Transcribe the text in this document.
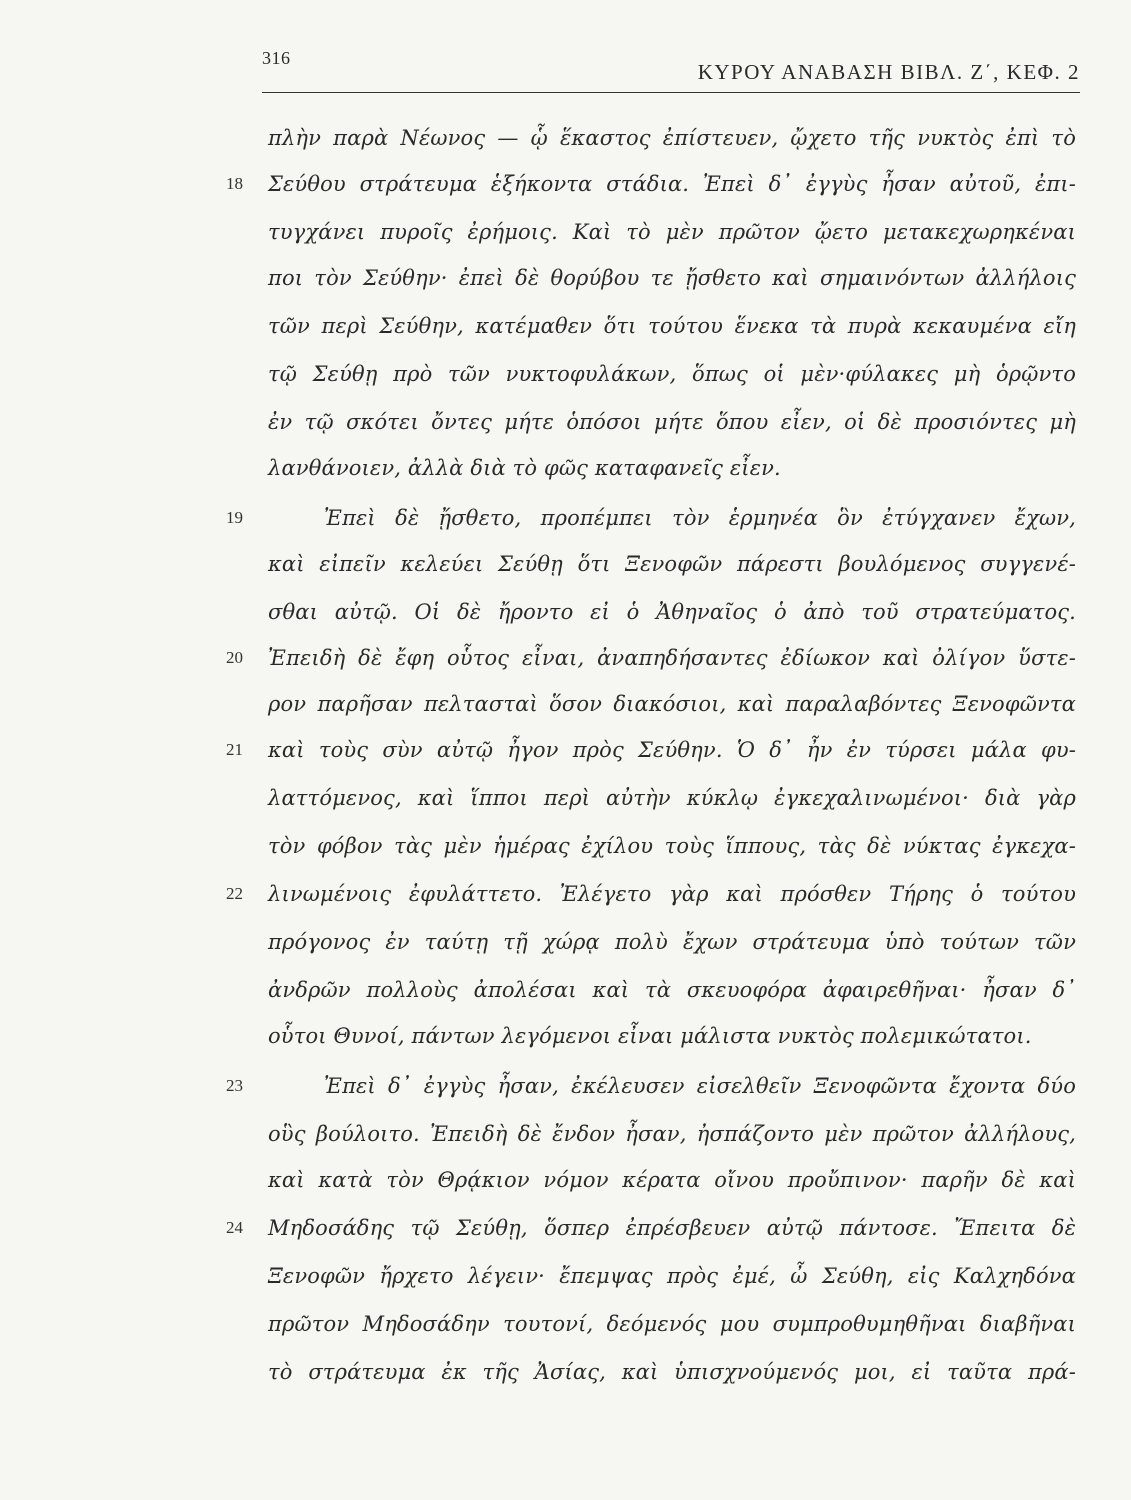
316
ΚΥΡΟΥ ΑΝΑΒΑΣΗ ΒΙΒΛ. Ζ΄, ΚΕΦ. 2
18
19
20
21
22
23
24
πλὴν παρὰ Νέωνος — ᾧ ἕκαστος ἐπίστευεν, ᾤχετο τῆς νυκτὸς ἐπὶ τὸ
Σεύθου στράτευμα ἑξήκοντα στάδια. Ἐπεὶ δ᾽ ἐγγὺς ἦσαν αὐτοῦ, ἐπι-
τυγχάνει πυροῖς ἐρήμοις. Καὶ τὸ μὲν πρῶτον ᾤετο μετακεχωρηκέναι
ποι τὸν Σεύθην· ἐπεὶ δὲ θορύβου τε ᾔσθετο καὶ σημαινόντων ἀλλήλοις
τῶν περὶ Σεύθην, κατέμαθεν ὅτι τούτου ἕνεκα τὰ πυρὰ κεκαυμένα εἴη
τῷ Σεύθῃ πρὸ τῶν νυκτοφυλάκων, ὅπως οἱ μὲν·φύλακες μὴ ὁρῷντο
ἐν τῷ σκότει ὄντες μήτε ὁπόσοι μήτε ὅπου εἶεν, οἱ δὲ προσιόντες μὴ
λανθάνοιεν, ἀλλὰ διὰ τὸ φῶς καταφανεῖς εἶεν.
Ἐπεὶ δὲ ᾔσθετο, προπέμπει τὸν ἑρμηνέα ὃν ἐτύγχανεν ἔχων,
καὶ εἰπεῖν κελεύει Σεύθῃ ὅτι Ξενοφῶν πάρεστι βουλόμενος συγγενέ-
σθαι αὐτῷ. Οἱ δὲ ἤροντο εἰ ὁ Ἀθηναῖος ὁ ἀπὸ τοῦ στρατεύματος.
Ἐπειδὴ δὲ ἔφη οὗτος εἶναι, ἀναπηδήσαντες ἐδίωκον καὶ ὀλίγον ὕστε-
ρον παρῆσαν πελτασταὶ ὅσον διακόσιοι, καὶ παραλαβόντες Ξενοφῶντα
καὶ τοὺς σὺν αὐτῷ ἦγον πρὸς Σεύθην. Ὁ δ᾽ ἦν ἐν τύρσει μάλα φυ-
λαττόμενος, καὶ ἵπποι περὶ αὐτὴν κύκλῳ ἐγκεχαλινωμένοι· διὰ γὰρ
τὸν φόβον τὰς μὲν ἡμέρας ἐχίλου τοὺς ἵππους, τὰς δὲ νύκτας ἐγκεχα-
λινωμένοις ἐφυλάττετο. Ἐλέγετο γὰρ καὶ πρόσθεν Τήρης ὁ τούτου
πρόγονος ἐν ταύτῃ τῇ χώρᾳ πολὺ ἔχων στράτευμα ὑπὸ τούτων τῶν
ἀνδρῶν πολλοὺς ἀπολέσαι καὶ τὰ σκευοφόρα ἀφαιρεθῆναι· ἦσαν δ᾽
οὗτοι Θυνοί, πάντων λεγόμενοι εἶναι μάλιστα νυκτὸς πολεμικώτατοι.
Ἐπεὶ δ᾽ ἐγγὺς ἦσαν, ἐκέλευσεν εἰσελθεῖν Ξενοφῶντα ἔχοντα δύο
οὓς βούλοιτο. Ἐπειδὴ δὲ ἔνδον ἦσαν, ἠσπάζοντο μὲν πρῶτον ἀλλήλους,
καὶ κατὰ τὸν Θρᾴκιον νόμον κέρατα οἴνου προὔπινον· παρῆν δὲ καὶ
Μηδοσάδης τῷ Σεύθῃ, ὅσπερ ἐπρέσβευεν αὐτῷ πάντοσε. Ἔπειτα δὲ
Ξενοφῶν ἤρχετο λέγειν· ἔπεμψας πρὸς ἐμέ, ὦ Σεύθη, εἰς Καλχηδόνα
πρῶτον Μηδοσάδην τουτονί, δεόμενός μου συμπροθυμηθῆναι διαβῆναι
τὸ στράτευμα ἐκ τῆς Ἀσίας, καὶ ὑπισχνούμενός μοι, εἰ ταῦτα πρά-
